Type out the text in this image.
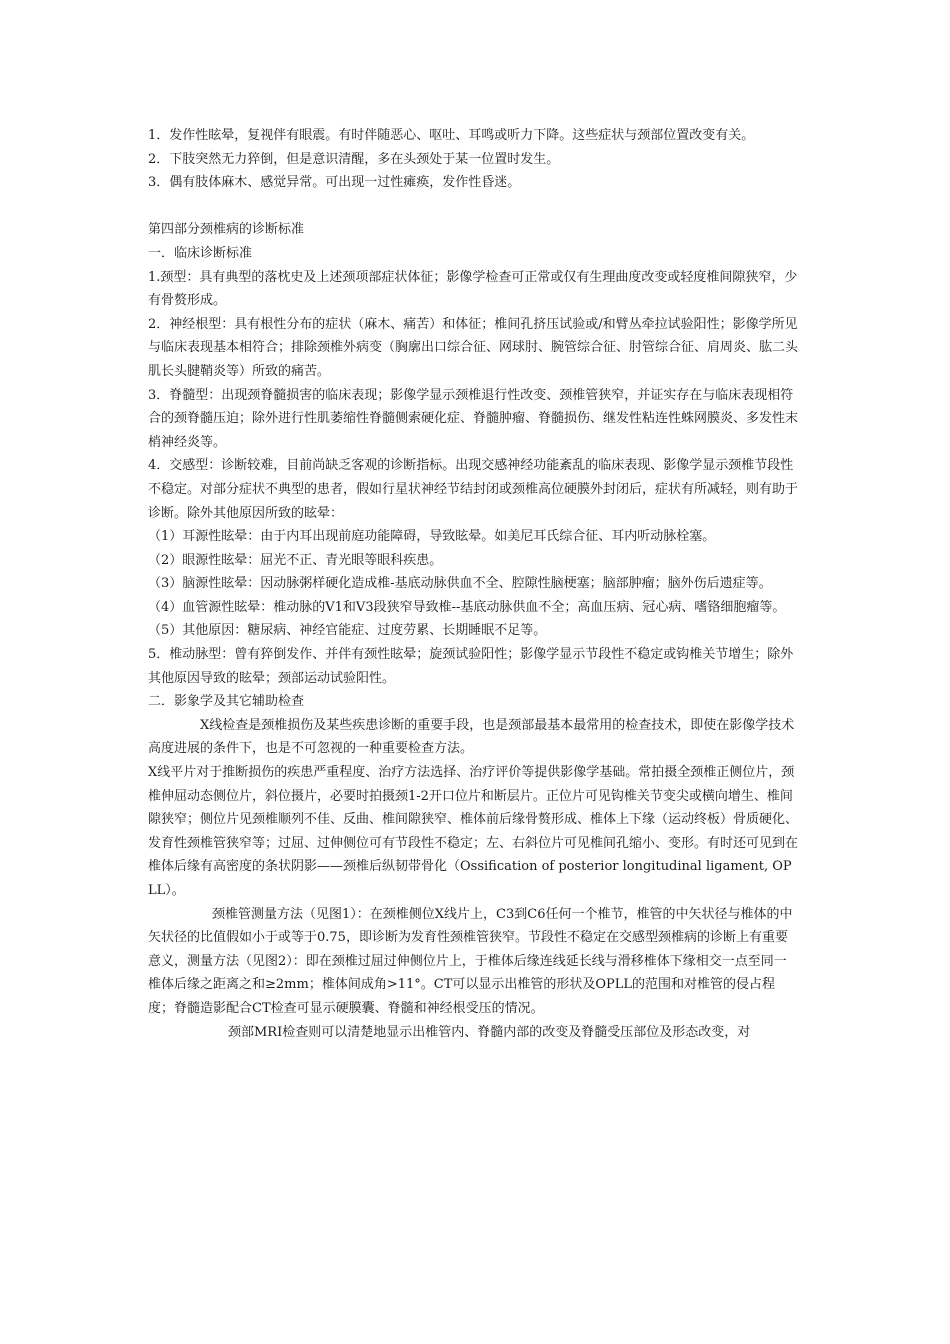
1．发作性眩晕，复视伴有眼震。有时伴随恶心、呕吐、耳鸣或听力下降。这些症状与颈部位置改变有关。

2．下肢突然无力猝倒，但是意识清醒，多在头颈处于某一位置时发生。

3．偶有肢体麻木、感觉异常。可出现一过性瘫痪，发作性昏迷。

第四部分颈椎病的诊断标准

一．临床诊断标准

1.颈型：具有典型的落枕史及上述颈项部症状体征；影像学检查可正常或仅有生理曲度改变或轻度椎间隙狭窄，少有骨赘形成。

2．神经根型：具有根性分布的症状（麻木、痛苦）和体征；椎间孔挤压试验或/和臂丛牵拉试验阳性；影像学所见与临床表现基本相符合；排除颈椎外病变（胸廓出口综合征、网球肘、腕管综合征、肘管综合征、肩周炎、肱二头肌长头腱鞘炎等）所致的痛苦。

3．脊髓型：出现颈脊髓损害的临床表现；影像学显示颈椎退行性改变、颈椎管狭窄，并证实存在与临床表现相符合的颈脊髓压迫；除外进行性肌萎缩性脊髓侧索硬化症、脊髓肿瘤、脊髓损伤、继发性粘连性蛛网膜炎、多发性末梢神经炎等。

4．交感型：诊断较难，目前尚缺乏客观的诊断指标。出现交感神经功能紊乱的临床表现、影像学显示颈椎节段性不稳定。对部分症状不典型的患者，假如行星状神经节结封闭或颈椎高位硬膜外封闭后，症状有所减轻，则有助于诊断。除外其他原因所致的眩晕：

（1）耳源性眩晕：由于内耳出现前庭功能障碍，导致眩晕。如美尼耳氏综合征、耳内听动脉栓塞。

（2）眼源性眩晕：屈光不正、青光眼等眼科疾患。

（3）脑源性眩晕：因动脉粥样硬化造成椎-基底动脉供血不全、腔隙性脑梗塞；脑部肿瘤；脑外伤后遗症等。

（4）血管源性眩晕：椎动脉的V1和V3段狭窄导致椎--基底动脉供血不全；高血压病、冠心病、嗜铬细胞瘤等。

（5）其他原因：糖尿病、神经官能症、过度劳累、长期睡眠不足等。

5．椎动脉型：曾有猝倒发作、并伴有颈性眩晕；旋颈试验阳性；影像学显示节段性不稳定或钩椎关节增生；除外其他原因导致的眩晕；颈部运动试验阳性。

二．影象学及其它辅助检查

X线检查是颈椎损伤及某些疾患诊断的重要手段，也是颈部最基本最常用的检查技术，即使在影像学技术高度进展的条件下，也是不可忽视的一种重要检查方法。

X线平片对于推断损伤的疾患严重程度、治疗方法选择、治疗评价等提供影像学基础。常拍摄全颈椎正侧位片，颈椎伸屈动态侧位片，斜位摄片，必要时拍摄颈1-2开口位片和断层片。正位片可见钩椎关节变尖或横向增生、椎间隙狭窄；侧位片见颈椎顺列不佳、反曲、椎间隙狭窄、椎体前后缘骨赘形成、椎体上下缘（运动终板）骨质硬化、发育性颈椎管狭窄等；过屈、过伸侧位可有节段性不稳定；左、右斜位片可见椎间孔缩小、变形。有时还可见到在椎体后缘有高密度的条状阴影——颈椎后纵韧带骨化（Ossification of posterior longitudinal ligament, OPLL）。

颈椎管测量方法（见图1）：在颈椎侧位X线片上，C3到C6任何一个椎节，椎管的中矢状径与椎体的中矢状径的比值假如小于或等于0.75，即诊断为发育性颈椎管狭窄。节段性不稳定在交感型颈椎病的诊断上有重要意义，测量方法（见图2）：即在颈椎过屈过伸侧位片上，于椎体后缘连线延长线与滑移椎体下缘相交一点至同一椎体后缘之距离之和≥2mm；椎体间成角>11°。CT可以显示出椎管的形状及OPLL的范围和对椎管的侵占程度；脊髓造影配合CT检查可显示硬膜囊、脊髓和神经根受压的情况。

颈部MRI检查则可以清楚地显示出椎管内、脊髓内部的改变及脊髓受压部位及形态改变，对
